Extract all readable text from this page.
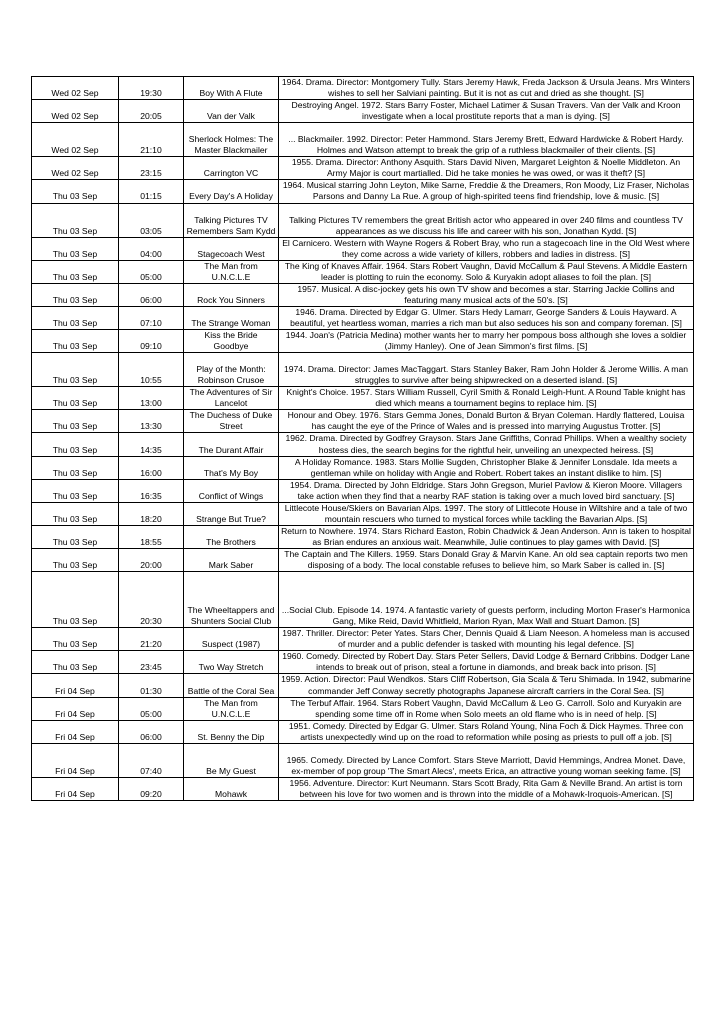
Wed 02 Sep	19:30	Boy With A Flute	1964. Drama. Director: Montgomery Tully. Stars Jeremy Hawk, Freda Jackson & Ursula Jeans. Mrs Winters wishes to sell her Salviani painting. But it is not as cut and dried as she thought. [S]
Wed 02 Sep	20:05	Van der Valk	Destroying Angel. 1972. Stars Barry Foster, Michael Latimer & Susan Travers. Van der Valk and Kroon investigate when a local prostitute reports that a man is dying. [S]
Wed 02 Sep	21:10	Sherlock Holmes: The Master Blackmailer	... Blackmailer. 1992. Director: Peter Hammond. Stars Jeremy Brett, Edward Hardwicke & Robert Hardy. Holmes and Watson attempt to break the grip of a ruthless blackmailer of their clients. [S]
Wed 02 Sep	23:15	Carrington VC	1955. Drama. Director: Anthony Asquith. Stars David Niven, Margaret Leighton & Noelle Middleton. An Army Major is court martialled. Did he take monies he was owed, or was it theft? [S]
Thu 03 Sep	01:15	Every Day's A Holiday	1964. Musical starring John Leyton, Mike Sarne, Freddie & the Dreamers, Ron Moody, Liz Fraser, Nicholas Parsons and Danny La Rue. A group of high-spirited teens find friendship, love & music. [S]
Thu 03 Sep	03:05	Talking Pictures TV Remembers Sam Kydd	Talking Pictures TV remembers the great British actor who appeared in over 240 films and countless TV appearances as we discuss his life and career with his son, Jonathan Kydd. [S]
Thu 03 Sep	04:00	Stagecoach West	El Carnicero. Western with Wayne Rogers & Robert Bray, who run a stagecoach line in the Old West where they come across a wide variety of killers, robbers and ladies in distress. [S]
Thu 03 Sep	05:00	The Man from U.N.C.L.E	The King of Knaves Affair. 1964. Stars Robert Vaughn, David McCallum & Paul Stevens. A Middle Eastern leader is plotting to ruin the economy. Solo & Kuryakin adopt aliases to foil the plan. [S]
Thu 03 Sep	06:00	Rock You Sinners	1957. Musical. A disc-jockey gets his own TV show and becomes a star. Starring Jackie Collins and featuring many musical acts of the 50's. [S]
Thu 03 Sep	07:10	The Strange Woman	1946. Drama. Directed by Edgar G. Ulmer. Stars Hedy Lamarr, George Sanders & Louis Hayward. A beautiful, yet heartless woman, marries a rich man but also seduces his son and company foreman. [S]
Thu 03 Sep	09:10	Kiss the Bride Goodbye	1944. Joan's (Patricia Medina) mother wants her to marry her pompous boss although she loves a soldier (Jimmy Hanley). One of Jean Simmon's first films. [S]
Thu 03 Sep	10:55	Play of the Month: Robinson Crusoe	1974. Drama. Director: James MacTaggart. Stars Stanley Baker, Ram John Holder & Jerome Willis. A man struggles to survive after being shipwrecked on a deserted island. [S]
Thu 03 Sep	13:00	The Adventures of Sir Lancelot	Knight's Choice. 1957. Stars William Russell, Cyril Smith & Ronald Leigh-Hunt. A Round Table knight has died which means a tournament begins to replace him. [S]
Thu 03 Sep	13:30	The Duchess of Duke Street	Honour and Obey. 1976. Stars Gemma Jones, Donald Burton & Bryan Coleman. Hardly flattered, Louisa has caught the eye of the Prince of Wales and is pressed into marrying Augustus Trotter. [S]
Thu 03 Sep	14:35	The Durant Affair	1962. Drama. Directed by Godfrey Grayson. Stars Jane Griffiths, Conrad Phillips. When a wealthy society hostess dies, the search begins for the rightful heir, unveiling an unexpected heiress. [S]
Thu 03 Sep	16:00	That's My Boy	A Holiday Romance. 1983. Stars Mollie Sugden, Christopher Blake & Jennifer Lonsdale. Ida meets a gentleman while on holiday with Angie and Robert. Robert takes an instant dislike to him. [S]
Thu 03 Sep	16:35	Conflict of Wings	1954. Drama. Directed by John Eldridge. Stars John Gregson, Muriel Pavlow & Kieron Moore. Villagers take action when they find that a nearby RAF station is taking over a much loved bird sanctuary. [S]
Thu 03 Sep	18:20	Strange But True?	Littlecote House/Skiers on Bavarian Alps. 1997. The story of Littlecote House in Wiltshire and a tale of two mountain rescuers who turned to mystical forces while tackling the Bavarian Alps. [S]
Thu 03 Sep	18:55	The Brothers	Return to Nowhere. 1974. Stars Richard Easton, Robin Chadwick & Jean Anderson. Ann is taken to hospital as Brian endures an anxious wait. Meanwhile, Julie continues to play games with David. [S]
Thu 03 Sep	20:00	Mark Saber	The Captain and The Killers. 1959. Stars Donald Gray & Marvin Kane. An old sea captain reports two men disposing of a body. The local constable refuses to believe him, so Mark Saber is called in. [S]
Thu 03 Sep	20:30	The Wheeltappers and Shunters Social Club	...Social Club. Episode 14. 1974. A fantastic variety of guests perform, including Morton Fraser's Harmonica Gang, Mike Reid, David Whitfield, Marion Ryan, Max Wall and Stuart Damon. [S]
Thu 03 Sep	21:20	Suspect (1987)	1987. Thriller. Director: Peter Yates. Stars Cher, Dennis Quaid & Liam Neeson. A homeless man is accused of murder and a public defender is tasked with mounting his legal defence. [S]
Thu 03 Sep	23:45	Two Way Stretch	1960. Comedy. Directed by Robert Day. Stars Peter Sellers, David Lodge & Bernard Cribbins. Dodger Lane intends to break out of prison, steal a fortune in diamonds, and break back into prison. [S]
Fri 04 Sep	01:30	Battle of the Coral Sea	1959. Action. Director: Paul Wendkos. Stars Cliff Robertson, Gia Scala & Teru Shimada. In 1942, submarine commander Jeff Conway secretly photographs Japanese aircraft carriers in the Coral Sea. [S]
Fri 04 Sep	05:00	The Man from U.N.C.L.E	The Terbuf Affair. 1964. Stars Robert Vaughn, David McCallum & Leo G. Carroll. Solo and Kuryakin are spending some time off in Rome when Solo meets an old flame who is in need of help. [S]
Fri 04 Sep	06:00	St. Benny the Dip	1951. Comedy. Directed by Edgar G. Ulmer. Stars Roland Young, Nina Foch & Dick Haymes. Three con artists unexpectedly wind up on the road to reformation while posing as priests to pull off a job. [S]
Fri 04 Sep	07:40	Be My Guest	1965. Comedy. Directed by Lance Comfort. Stars Steve Marriott, David Hemmings, Andrea Monet. Dave, ex-member of pop group 'The Smart Alecs', meets Erica, an attractive young woman seeking fame. [S]
Fri 04 Sep	09:20	Mohawk	1956. Adventure. Director: Kurt Neumann. Stars Scott Brady, Rita Gam & Neville Brand. An artist is torn between his love for two women and is thrown into the middle of a Mohawk-Iroquois-American. [S]
